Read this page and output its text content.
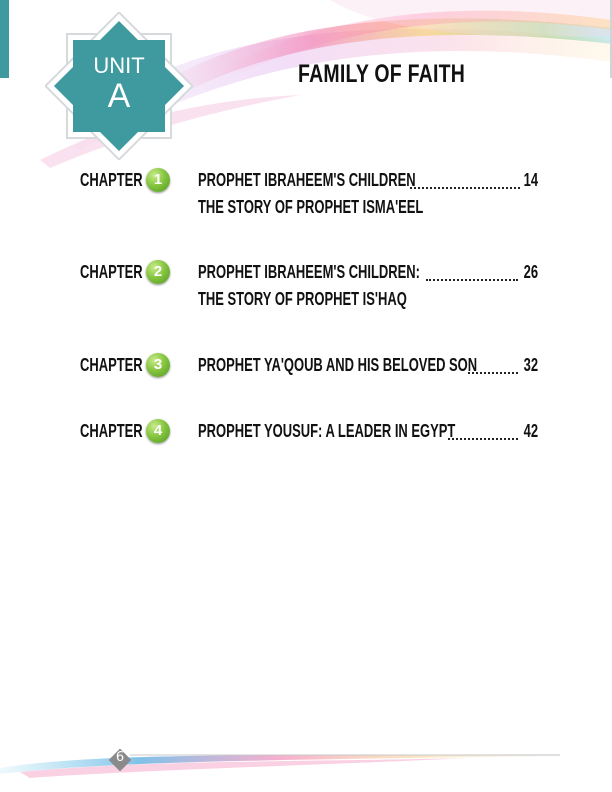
UNIT
A
FAMILY OF FAITH
CHAPTER 1	PROPHET IBRAHEEM'S CHILDREN	14
THE STORY OF PROPHET ISMA'EEL
CHAPTER 2	PROPHET IBRAHEEM'S CHILDREN:	26
THE STORY OF PROPHET IS'HAQ
CHAPTER 3	PROPHET YA'QOUB AND HIS BELOVED SON	32
CHAPTER 4	PROPHET YOUSUF: A LEADER IN EGYPT	42
6
